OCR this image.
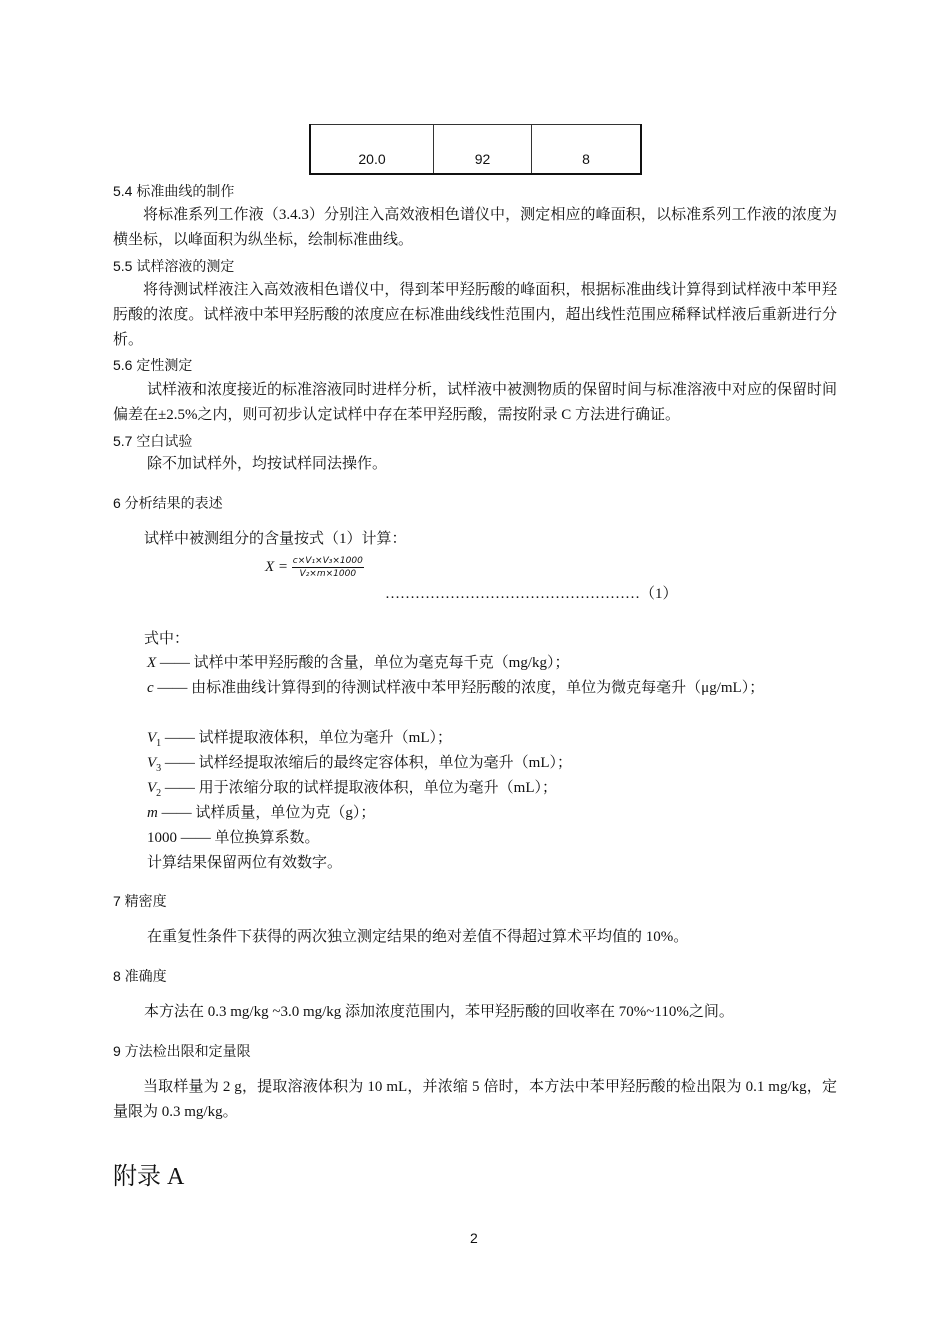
20.0	92	8
5.4 标准曲线的制作
将标准系列工作液（3.4.3）分别注入高效液相色谱仪中，测定相应的峰面积，以标准系列工作液的浓度为横坐标，以峰面积为纵坐标，绘制标准曲线。
5.5 试样溶液的测定
将待测试样液注入高效液相色谱仪中，得到苯甲羟肟酸的峰面积，根据标准曲线计算得到试样液中苯甲羟肟酸的浓度。试样液中苯甲羟肟酸的浓度应在标准曲线线性范围内，超出线性范围应稀释试样液后重新进行分析。
5.6 定性测定
试样液和浓度接近的标准溶液同时进样分析，试样液中被测物质的保留时间与标准溶液中对应的保留时间偏差在±2.5%之内，则可初步认定试样中存在苯甲羟肟酸，需按附录 C 方法进行确证。
5.7 空白试验
除不加试样外，均按试样同法操作。
6 分析结果的表述
试样中被测组分的含量按式（1）计算：
$X = \frac{\text{c×V₁×V₃×1000}}{\text{V₂×m×1000}}$
……………………………………………（1）
式中：
X —— 试样中苯甲羟肟酸的含量，单位为毫克每千克（mg/kg）；
c —— 由标准曲线计算得到的待测试样液中苯甲羟肟酸的浓度，单位为微克每毫升（μg/mL）；
$V_1$ —— 试样提取液体积，单位为毫升（mL）；
$V_3$ —— 试样经提取浓缩后的最终定容体积，单位为毫升（mL）；
$V_2$ —— 用于浓缩分取的试样提取液体积，单位为毫升（mL）；
m —— 试样质量，单位为克（g）；
1000 —— 单位换算系数。
计算结果保留两位有效数字。
7 精密度
在重复性条件下获得的两次独立测定结果的绝对差值不得超过算术平均值的 10%。
8 准确度
本方法在 0.3 mg/kg ~3.0 mg/kg 添加浓度范围内，苯甲羟肟酸的回收率在 70%~110%之间。
9 方法检出限和定量限
当取样量为 2 g，提取溶液体积为 10 mL，并浓缩 5 倍时，本方法中苯甲羟肟酸的检出限为 0.1 mg/kg，定量限为 0.3 mg/kg。
附录 A
2
